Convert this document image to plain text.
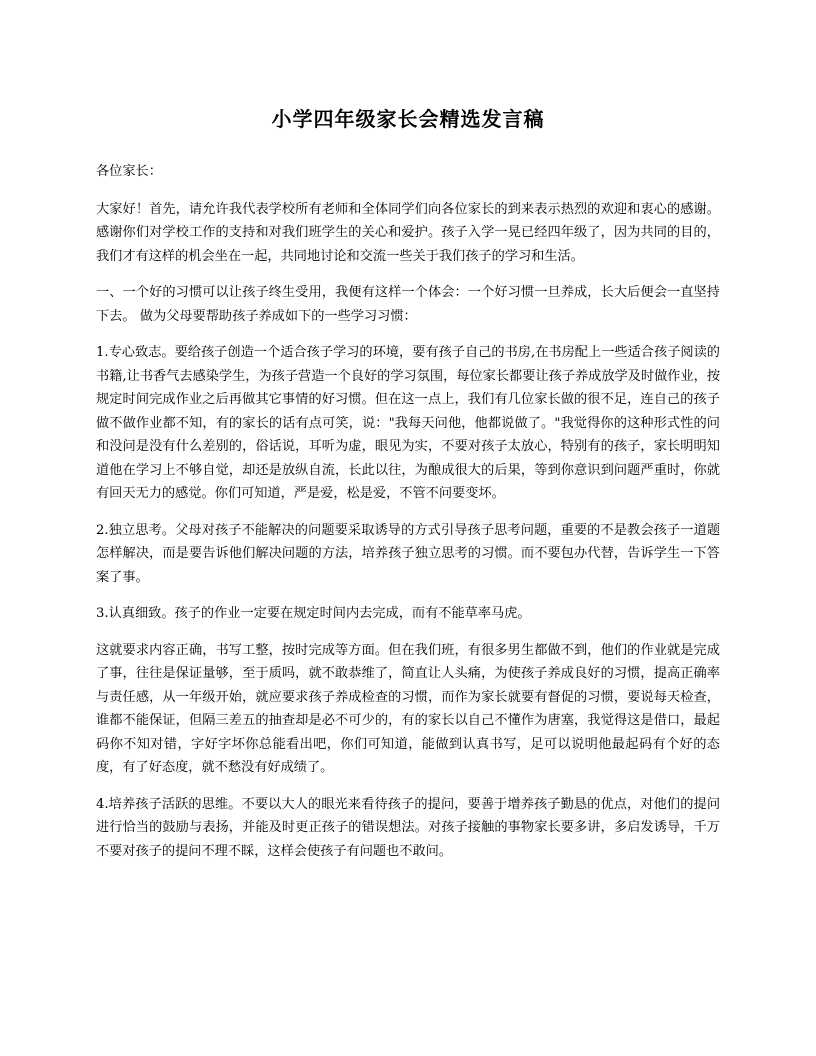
小学四年级家长会精选发言稿

各位家长：

大家好！首先，请允许我代表学校所有老师和全体同学们向各位家长的到来表示热烈的欢迎和衷心的感谢。感谢你们对学校工作的支持和对我们班学生的关心和爱护。孩子入学一晃已经四年级了，因为共同的目的，我们才有这样的机会坐在一起，共同地讨论和交流一些关于我们孩子的学习和生活。

一、一个好的习惯可以让孩子终生受用，我便有这样一个体会：一个好习惯一旦养成，长大后便会一直坚持下去。 做为父母要帮助孩子养成如下的一些学习习惯：

1.专心致志。要给孩子创造一个适合孩子学习的环境，要有孩子自己的书房,在书房配上一些适合孩子阅读的书籍,让书香气去感染学生，为孩子营造一个良好的学习氛围，每位家长都要让孩子养成放学及时做作业，按规定时间完成作业之后再做其它事情的好习惯。但在这一点上，我们有几位家长做的很不足，连自己的孩子做不做作业都不知，有的家长的话有点可笑，说："我每天问他，他都说做了。"我觉得你的这种形式性的问和没问是没有什么差别的，俗话说，耳听为虚，眼见为实，不要对孩子太放心，特别有的孩子，家长明明知道他在学习上不够自觉，却还是放纵自流，长此以往，为酿成很大的后果，等到你意识到问题严重时，你就有回天无力的感觉。你们可知道，严是爱，松是爱，不管不问要变坏。

2.独立思考。父母对孩子不能解决的问题要采取诱导的方式引导孩子思考问题，重要的不是教会孩子一道题怎样解决，而是要告诉他们解决问题的方法，培养孩子独立思考的习惯。而不要包办代替，告诉学生一下答案了事。

3.认真细致。孩子的作业一定要在规定时间内去完成，而有不能草率马虎。

这就要求内容正确，书写工整，按时完成等方面。但在我们班，有很多男生都做不到，他们的作业就是完成了事，往往是保证量够，至于质吗，就不敢恭维了，简直让人头痛，为使孩子养成良好的习惯，提高正确率与责任感，从一年级开始，就应要求孩子养成检查的习惯，而作为家长就要有督促的习惯，要说每天检查，谁都不能保证，但隔三差五的抽查却是必不可少的，有的家长以自己不懂作为唐塞，我觉得这是借口，最起码你不知对错，字好字坏你总能看出吧，你们可知道，能做到认真书写，足可以说明他最起码有个好的态度，有了好态度，就不愁没有好成绩了。

4.培养孩子活跃的思维。不要以大人的眼光来看待孩子的提问，要善于增养孩子勤恳的优点，对他们的提问进行恰当的鼓励与表扬，并能及时更正孩子的错误想法。对孩子接触的事物家长要多讲，多启发诱导，千万不要对孩子的提问不理不睬，这样会使孩子有问题也不敢问。
